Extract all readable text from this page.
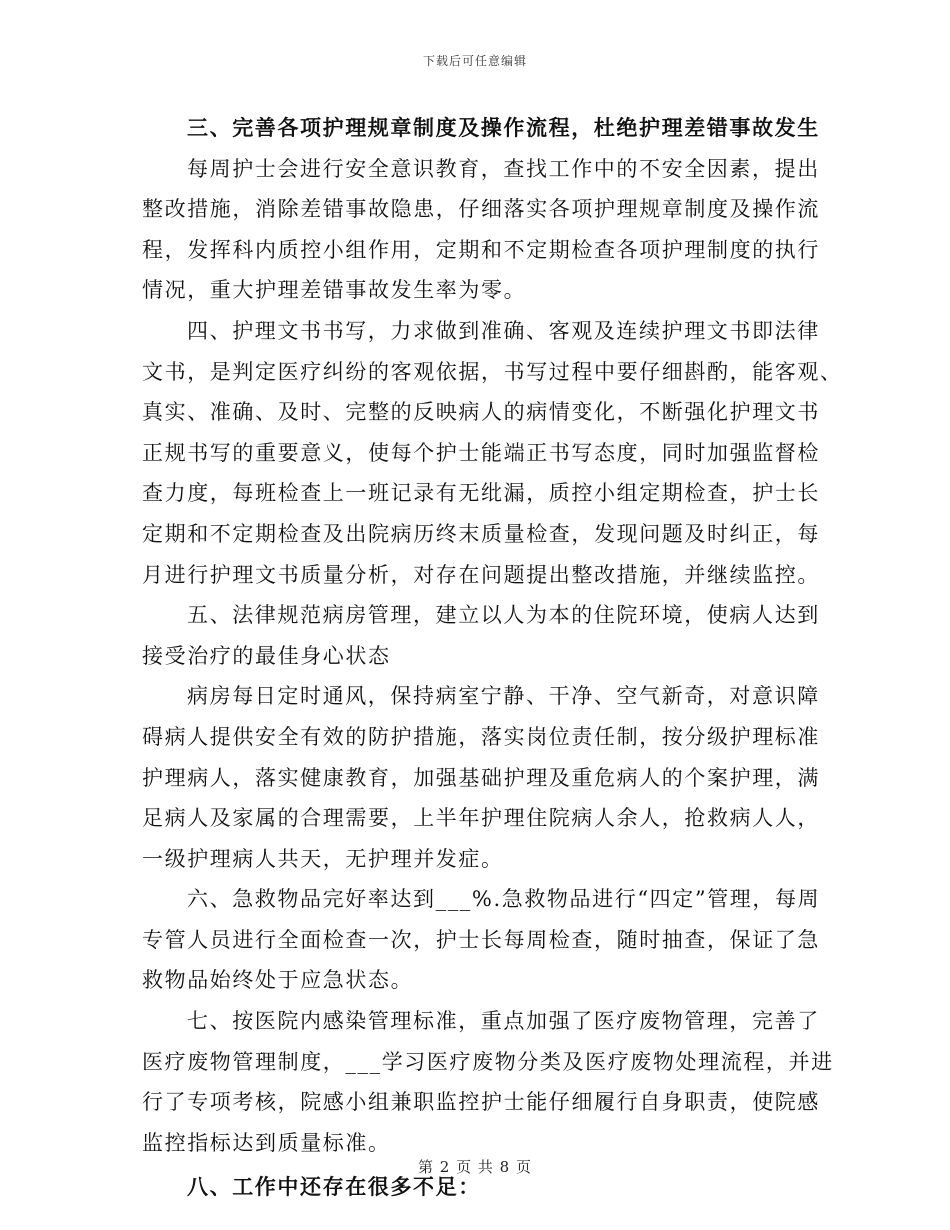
下载后可任意编辑
三、完善各项护理规章制度及操作流程，杜绝护理差错事故发生
每周护士会进行安全意识教育，查找工作中的不安全因素，提出
整改措施，消除差错事故隐患，仔细落实各项护理规章制度及操作流
程，发挥科内质控小组作用，定期和不定期检查各项护理制度的执行
情况，重大护理差错事故发生率为零。
四、护理文书书写，力求做到准确、客观及连续护理文书即法律
文书，是判定医疗纠纷的客观依据，书写过程中要仔细斟酌，能客观、
真实、准确、及时、完整的反映病人的病情变化，不断强化护理文书
正规书写的重要意义，使每个护士能端正书写态度，同时加强监督检
查力度，每班检查上一班记录有无纰漏，质控小组定期检查，护士长
定期和不定期检查及出院病历终末质量检查，发现问题及时纠正，每
月进行护理文书质量分析，对存在问题提出整改措施，并继续监控。
五、法律规范病房管理，建立以人为本的住院环境，使病人达到
接受治疗的最佳身心状态
病房每日定时通风，保持病室宁静、干净、空气新奇，对意识障
碍病人提供安全有效的防护措施，落实岗位责任制，按分级护理标准
护理病人，落实健康教育，加强基础护理及重危病人的个案护理，满
足病人及家属的合理需要，上半年护理住院病人余人，抢救病人人，
一级护理病人共天，无护理并发症。
六、急救物品完好率达到___%.急救物品进行“四定”管理，每周
专管人员进行全面检查一次，护士长每周检查，随时抽查，保证了急
救物品始终处于应急状态。
七、按医院内感染管理标准，重点加强了医疗废物管理，完善了
医疗废物管理制度，___学习医疗废物分类及医疗废物处理流程，并进
行了专项考核，院感小组兼职监控护士能仔细履行自身职责，使院感
监控指标达到质量标准。
八、工作中还存在很多不足：
第 2 页 共 8 页
